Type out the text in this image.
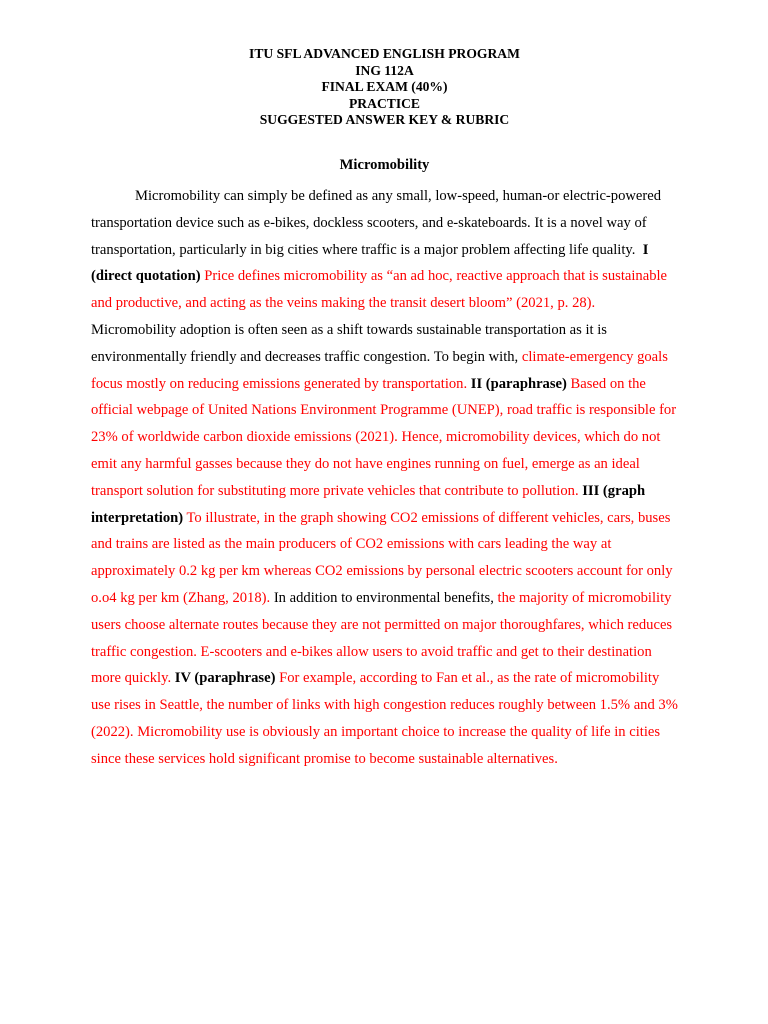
ITU SFL ADVANCED ENGLISH PROGRAM
ING 112A
FINAL EXAM (40%)
PRACTICE
SUGGESTED ANSWER KEY & RUBRIC
Micromobility

Micromobility can simply be defined as any small, low-speed, human-or electric-powered transportation device such as e-bikes, dockless scooters, and e-skateboards. It is a novel way of transportation, particularly in big cities where traffic is a major problem affecting life quality. I (direct quotation) Price defines micromobility as “an ad hoc, reactive approach that is sustainable and productive, and acting as the veins making the transit desert bloom” (2021, p. 28).  Micromobility adoption is often seen as a shift towards sustainable transportation as it is environmentally friendly and decreases traffic congestion. To begin with, climate-emergency goals focus mostly on reducing emissions generated by transportation. II (paraphrase) Based on the official webpage of United Nations Environment Programme (UNEP), road traffic is responsible for 23% of worldwide carbon dioxide emissions (2021). Hence, micromobility devices, which do not emit any harmful gasses because they do not have engines running on fuel, emerge as an ideal transport solution for substituting more private vehicles that contribute to pollution. III (graph interpretation) To illustrate, in the graph showing CO2 emissions of different vehicles, cars, buses and trains are listed as the main producers of CO2 emissions with cars leading the way at approximately 0.2 kg per km whereas CO2 emissions by personal electric scooters account for only o.o4 kg per km (Zhang, 2018). In addition to environmental benefits, the majority of micromobility users choose alternate routes because they are not permitted on major thoroughfares, which reduces traffic congestion. E-scooters and e-bikes allow users to avoid traffic and get to their destination more quickly. IV (paraphrase) For example, according to Fan et al., as the rate of micromobility use rises in Seattle, the number of links with high congestion reduces roughly between 1.5% and 3% (2022). Micromobility use is obviously an important choice to increase the quality of life in cities since these services hold significant promise to become sustainable alternatives.
